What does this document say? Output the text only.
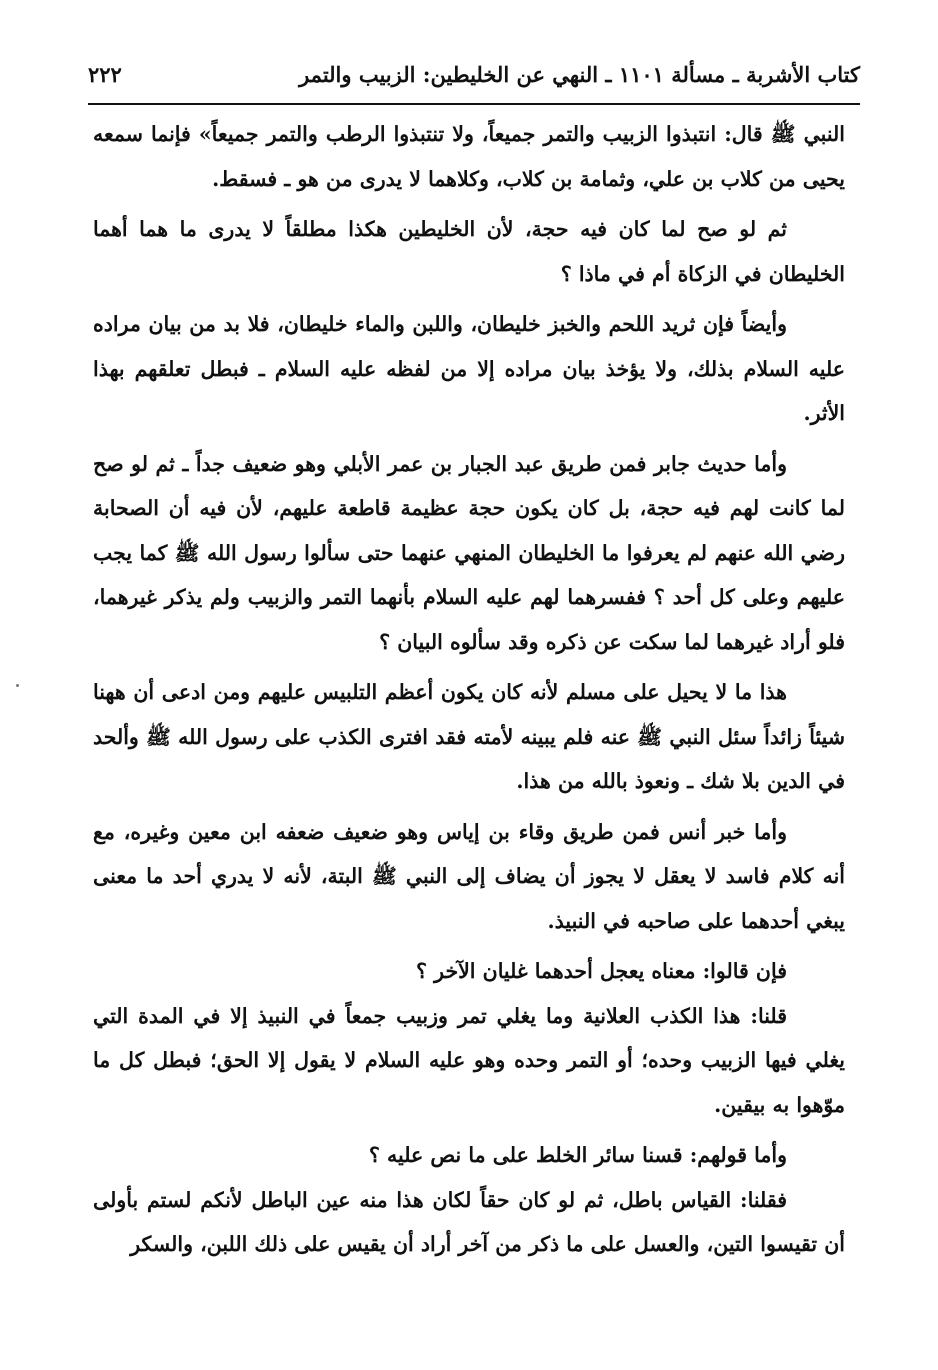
كتاب الأشربة ـ مسألة ١١٠١ ـ النهي عن الخليطين: الزبيب والتمر
٢٢٢

النبي ﷺ قال: انتبذوا الزبيب والتمر جميعاً، ولا تنتبذوا الرطب والتمر جميعاً» فإنما سمعه يحيى من كلاب بن علي، وثمامة بن كلاب، وكلاهما لا يدرى من هو ـ فسقط.

ثم لو صح لما كان فيه حجة، لأن الخليطين هكذا مطلقاً لا يدرى ما هما أهما الخليطان في الزكاة أم في ماذا ؟

وأيضاً فإن ثريد اللحم والخبز خليطان، واللبن والماء خليطان، فلا بد من بيان مراده عليه السلام بذلك، ولا يؤخذ بيان مراده إلا من لفظه عليه السلام ـ فبطل تعلقهم بهذا الأثر.

وأما حديث جابر فمن طريق عبد الجبار بن عمر الأبلي وهو ضعيف جداً ـ ثم لو صح لما كانت لهم فيه حجة، بل كان يكون حجة عظيمة قاطعة عليهم، لأن فيه أن الصحابة رضي الله عنهم لم يعرفوا ما الخليطان المنهي عنهما حتى سألوا رسول الله ﷺ كما يجب عليهم وعلى كل أحد ؟ ففسرهما لهم عليه السلام بأنهما التمر والزبيب ولم يذكر غيرهما، فلو أراد غيرهما لما سكت عن ذكره وقد سألوه البيان ؟

هذا ما لا يحيل على مسلم لأنه كان يكون أعظم التلبيس عليهم ومن ادعى أن ههنا شيئاً زائداً سئل النبي ﷺ عنه فلم يبينه لأمته فقد افترى الكذب على رسول الله ﷺ وألحد في الدين بلا شك ـ ونعوذ بالله من هذا.

وأما خبر أنس فمن طريق وقاء بن إياس وهو ضعيف ضعفه ابن معين وغيره، مع أنه كلام فاسد لا يعقل لا يجوز أن يضاف إلى النبي ﷺ البتة، لأنه لا يدري أحد ما معنى يبغي أحدهما على صاحبه في النبيذ.

فإن قالوا: معناه يعجل أحدهما غليان الآخر ؟

قلنا: هذا الكذب العلانية وما يغلي تمر وزبيب جمعاً في النبيذ إلا في المدة التي يغلي فيها الزبيب وحده؛ أو التمر وحده وهو عليه السلام لا يقول إلا الحق؛ فبطل كل ما موّهوا به بيقين.

وأما قولهم: قسنا سائر الخلط على ما نص عليه ؟

فقلنا: القياس باطل، ثم لو كان حقاً لكان هذا منه عين الباطل لأنكم لستم بأولى أن تقيسوا التين، والعسل على ما ذكر من آخر أراد أن يقيس على ذلك اللبن، والسكر
